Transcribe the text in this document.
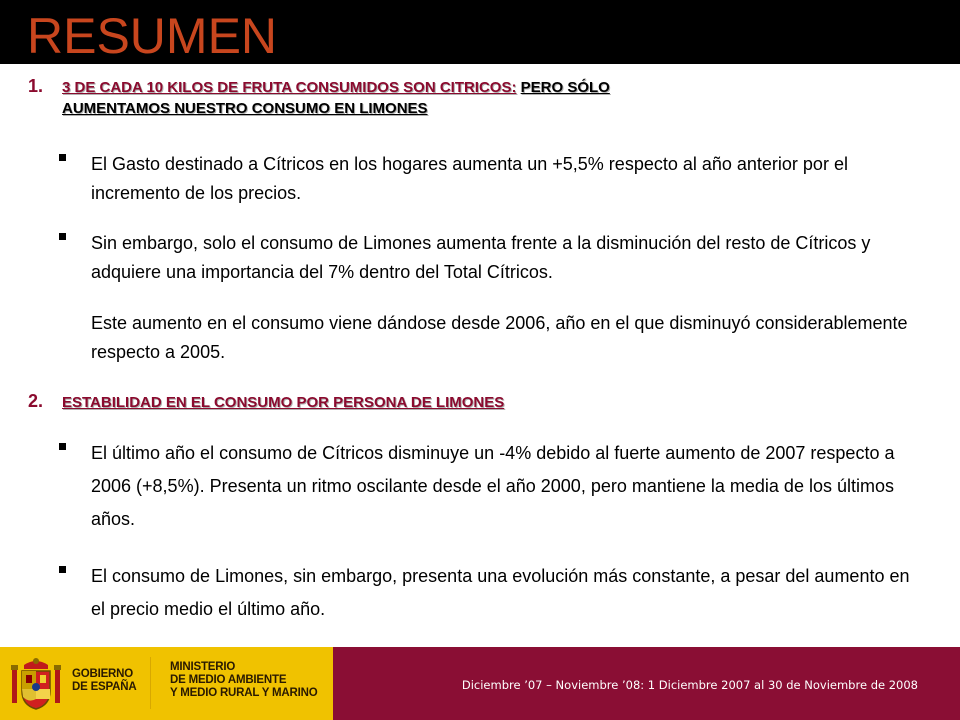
RESUMEN
1. 3 DE CADA 10 KILOS DE FRUTA CONSUMIDOS SON CITRICOS: PERO SÓLO
AUMENTAMOS NUESTRO CONSUMO EN LIMONES
El Gasto destinado a Cítricos en los hogares aumenta un +5,5% respecto al año anterior por el incremento de los precios.
Sin embargo, solo el consumo de Limones aumenta frente a la disminución del resto de Cítricos y adquiere una importancia del 7% dentro del Total Cítricos.
Este aumento en el consumo viene dándose desde 2006, año en el que disminuyó considerablemente respecto a 2005.
2. ESTABILIDAD EN EL CONSUMO POR PERSONA DE LIMONES
El último año el consumo de Cítricos disminuye un -4% debido al fuerte aumento de 2007 respecto a 2006 (+8,5%). Presenta un ritmo oscilante desde el año 2000, pero mantiene la media de los últimos años.
El consumo de Limones, sin embargo, presenta una evolución más constante, a pesar del aumento en el precio medio el último año.
GOBIERNO
DE ESPAÑA
MINISTERIO
DE MEDIO AMBIENTE
Y MEDIO RURAL Y MARINO
Diciembre ’07 – Noviembre ’08: 1 Diciembre 2007 al 30 de Noviembre de 2008
